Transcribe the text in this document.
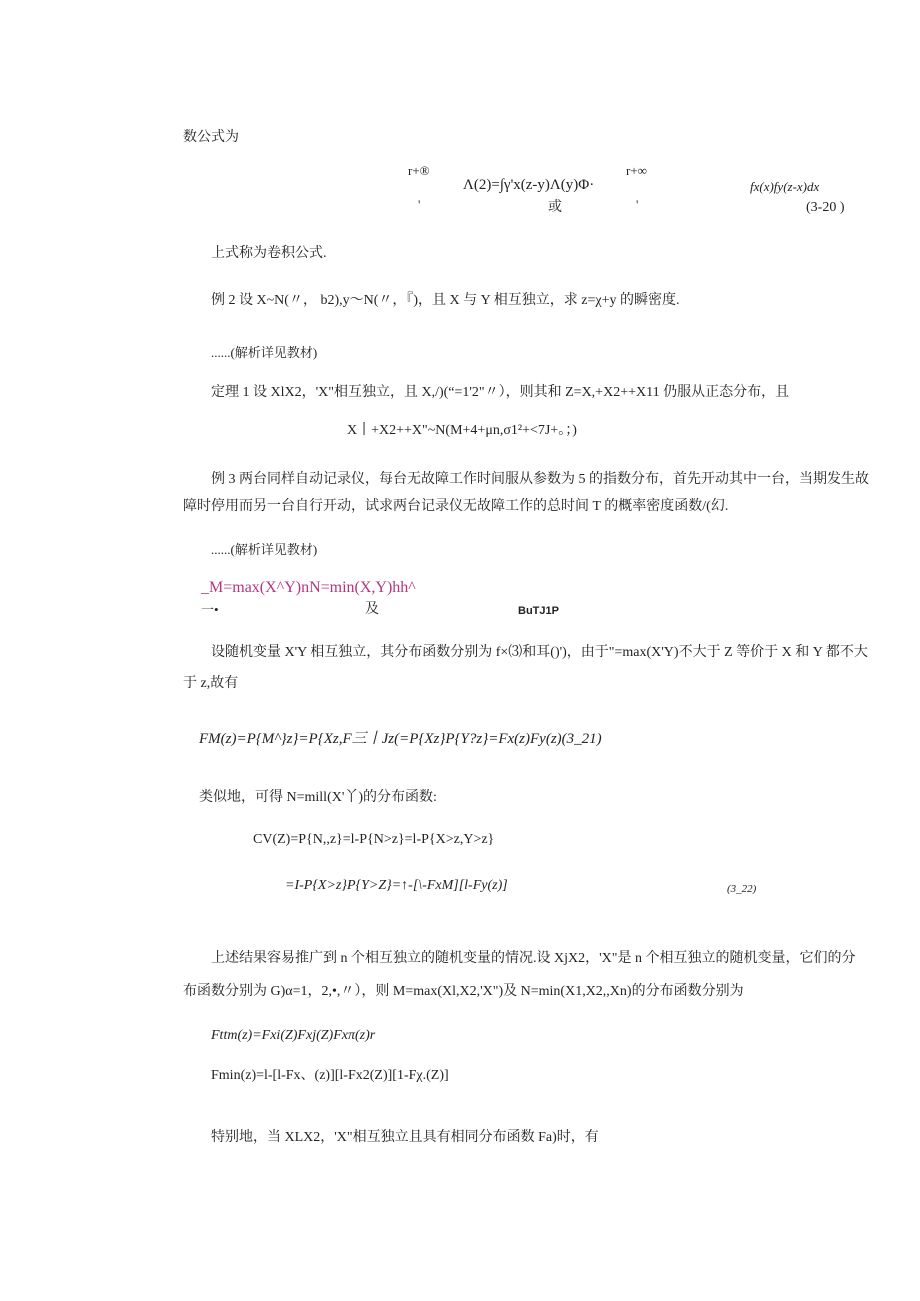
数公式为
r+®	r+∞
Λ(2)=∫γ'x(z-y)Λ(y)Φ·	fx(x)fy(z-x)dx
'	或	'	(3-20 )
上式称为卷积公式.
例 2 设 X~N(〃， b2),y～N(〃，『)，且 X 与 Y 相互独立，求 z=χ+y 的瞬密度.
......(解析详见教材)
定理 1 设 XlX2，'X"相互独立，且 X,/)(“=1'2"〃），则其和 Z=X,+X2++X11 仍服从正态分布，且
X丨+X2++X"~N(M+4+μn,σ1²+<7J+。；)
例 3 两台同样自动记录仪，每台无故障工作时间服从参数为 5 的指数分布，首先开动其中一台，当期发生故
障时停用而另一台自行开动，试求两台记录仪无故障工作的总时间 T 的概率密度函数/(幻.
......(解析详见教材)
_M=max(X^Y)nN=min(X,Y)hh^
一•	及	BuTJ1P
设随机变量 X'Y 相互独立，其分布函数分别为 f×⑶和耳()')，由于"=max(X'Y)不大于 Z 等价于 X 和 Y 都不大
于 z,故有
FM(z)=P{M^}z}=P{Xz,F三丨Jz(=P{Xz}P{Y?z}=Fx(z)Fy(z)(3_21)
类似地，可得 N=mill(X'丫)的分布函数:
CV(Z)=P{N,,z}=l-P{N>z}=l-P{X>z,Y>z}
=I-P{X>z}P{Y>Z}=↑-[\-FxM][l-Fy(z)]	(3_22)
上述结果容易推广到 n 个相互独立的随机变量的情况.设 XjX2，'X"是 n 个相互独立的随机变量，它们的分
布函数分别为 G)α=1，2,•,〃），则 M=max(Xl,X2,'X")及 N=min(X1,X2,,Xn)的分布函数分别为
Fttm(z)=Fxi(Z)Fxj(Z)Fxπ(z)r
Fmin(z)=l-[l-Fx、(z)][l-Fx2(Z)][1-Fχ.(Z)]
特别地，当 XLX2，'X"相互独立且具有相同分布函数 Fa)时，有
